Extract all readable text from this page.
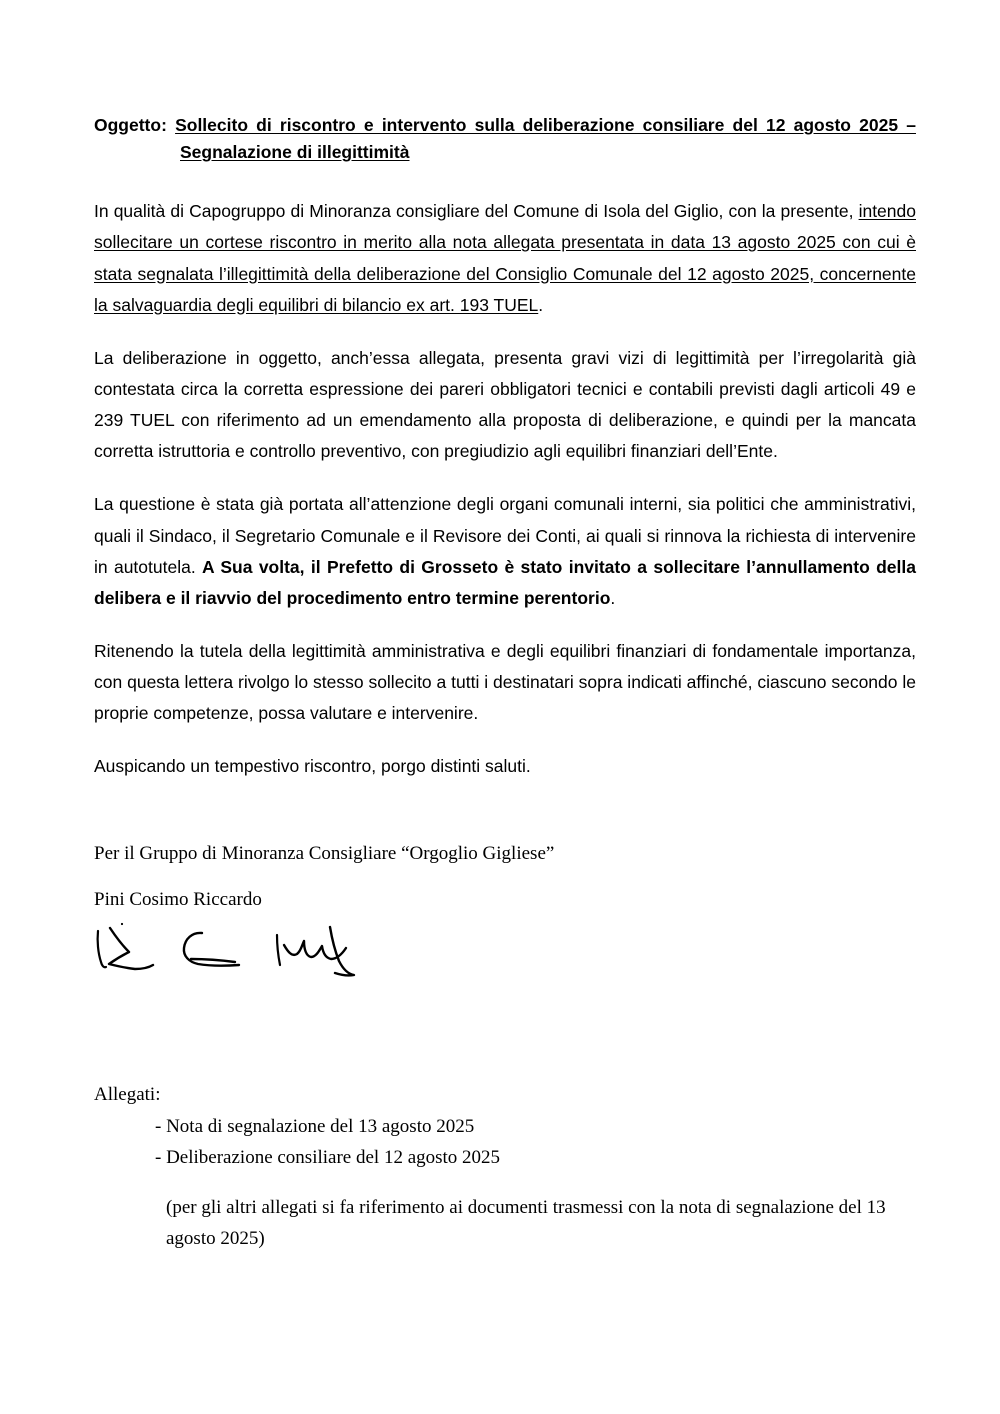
Oggetto: Sollecito di riscontro e intervento sulla deliberazione consiliare del 12 agosto 2025 – Segnalazione di illegittimità

In qualità di Capogruppo di Minoranza consigliare del Comune di Isola del Giglio, con la presente, intendo sollecitare un cortese riscontro in merito alla nota allegata presentata in data 13 agosto 2025 con cui è stata segnalata l’illegittimità della deliberazione del Consiglio Comunale del 12 agosto 2025, concernente la salvaguardia degli equilibri di bilancio ex art. 193 TUEL.

La deliberazione in oggetto, anch’essa allegata, presenta gravi vizi di legittimità per l’irregolarità già contestata circa la corretta espressione dei pareri obbligatori tecnici e contabili previsti dagli articoli 49 e 239 TUEL con riferimento ad un emendamento alla proposta di deliberazione, e quindi per la mancata corretta istruttoria e controllo preventivo, con pregiudizio agli equilibri finanziari dell’Ente.

La questione è stata già portata all’attenzione degli organi comunali interni, sia politici che amministrativi, quali il Sindaco, il Segretario Comunale e il Revisore dei Conti, ai quali si rinnova la richiesta di intervenire in autotutela. A Sua volta, il Prefetto di Grosseto è stato invitato a sollecitare l’annullamento della delibera e il riavvio del procedimento entro termine perentorio.

Ritenendo la tutela della legittimità amministrativa e degli equilibri finanziari di fondamentale importanza, con questa lettera rivolgo lo stesso sollecito a tutti i destinatari sopra indicati affinché, ciascuno secondo le proprie competenze, possa valutare e intervenire.

Auspicando un tempestivo riscontro, porgo distinti saluti.

Per il Gruppo di Minoranza Consigliare “Orgoglio Gigliese”

Pini Cosimo Riccardo

Allegati:

- Nota di segnalazione del 13 agosto 2025
- Deliberazione consiliare del 12 agosto 2025

(per gli altri allegati si fa riferimento ai documenti trasmessi con la nota di segnalazione del 13 agosto 2025)
